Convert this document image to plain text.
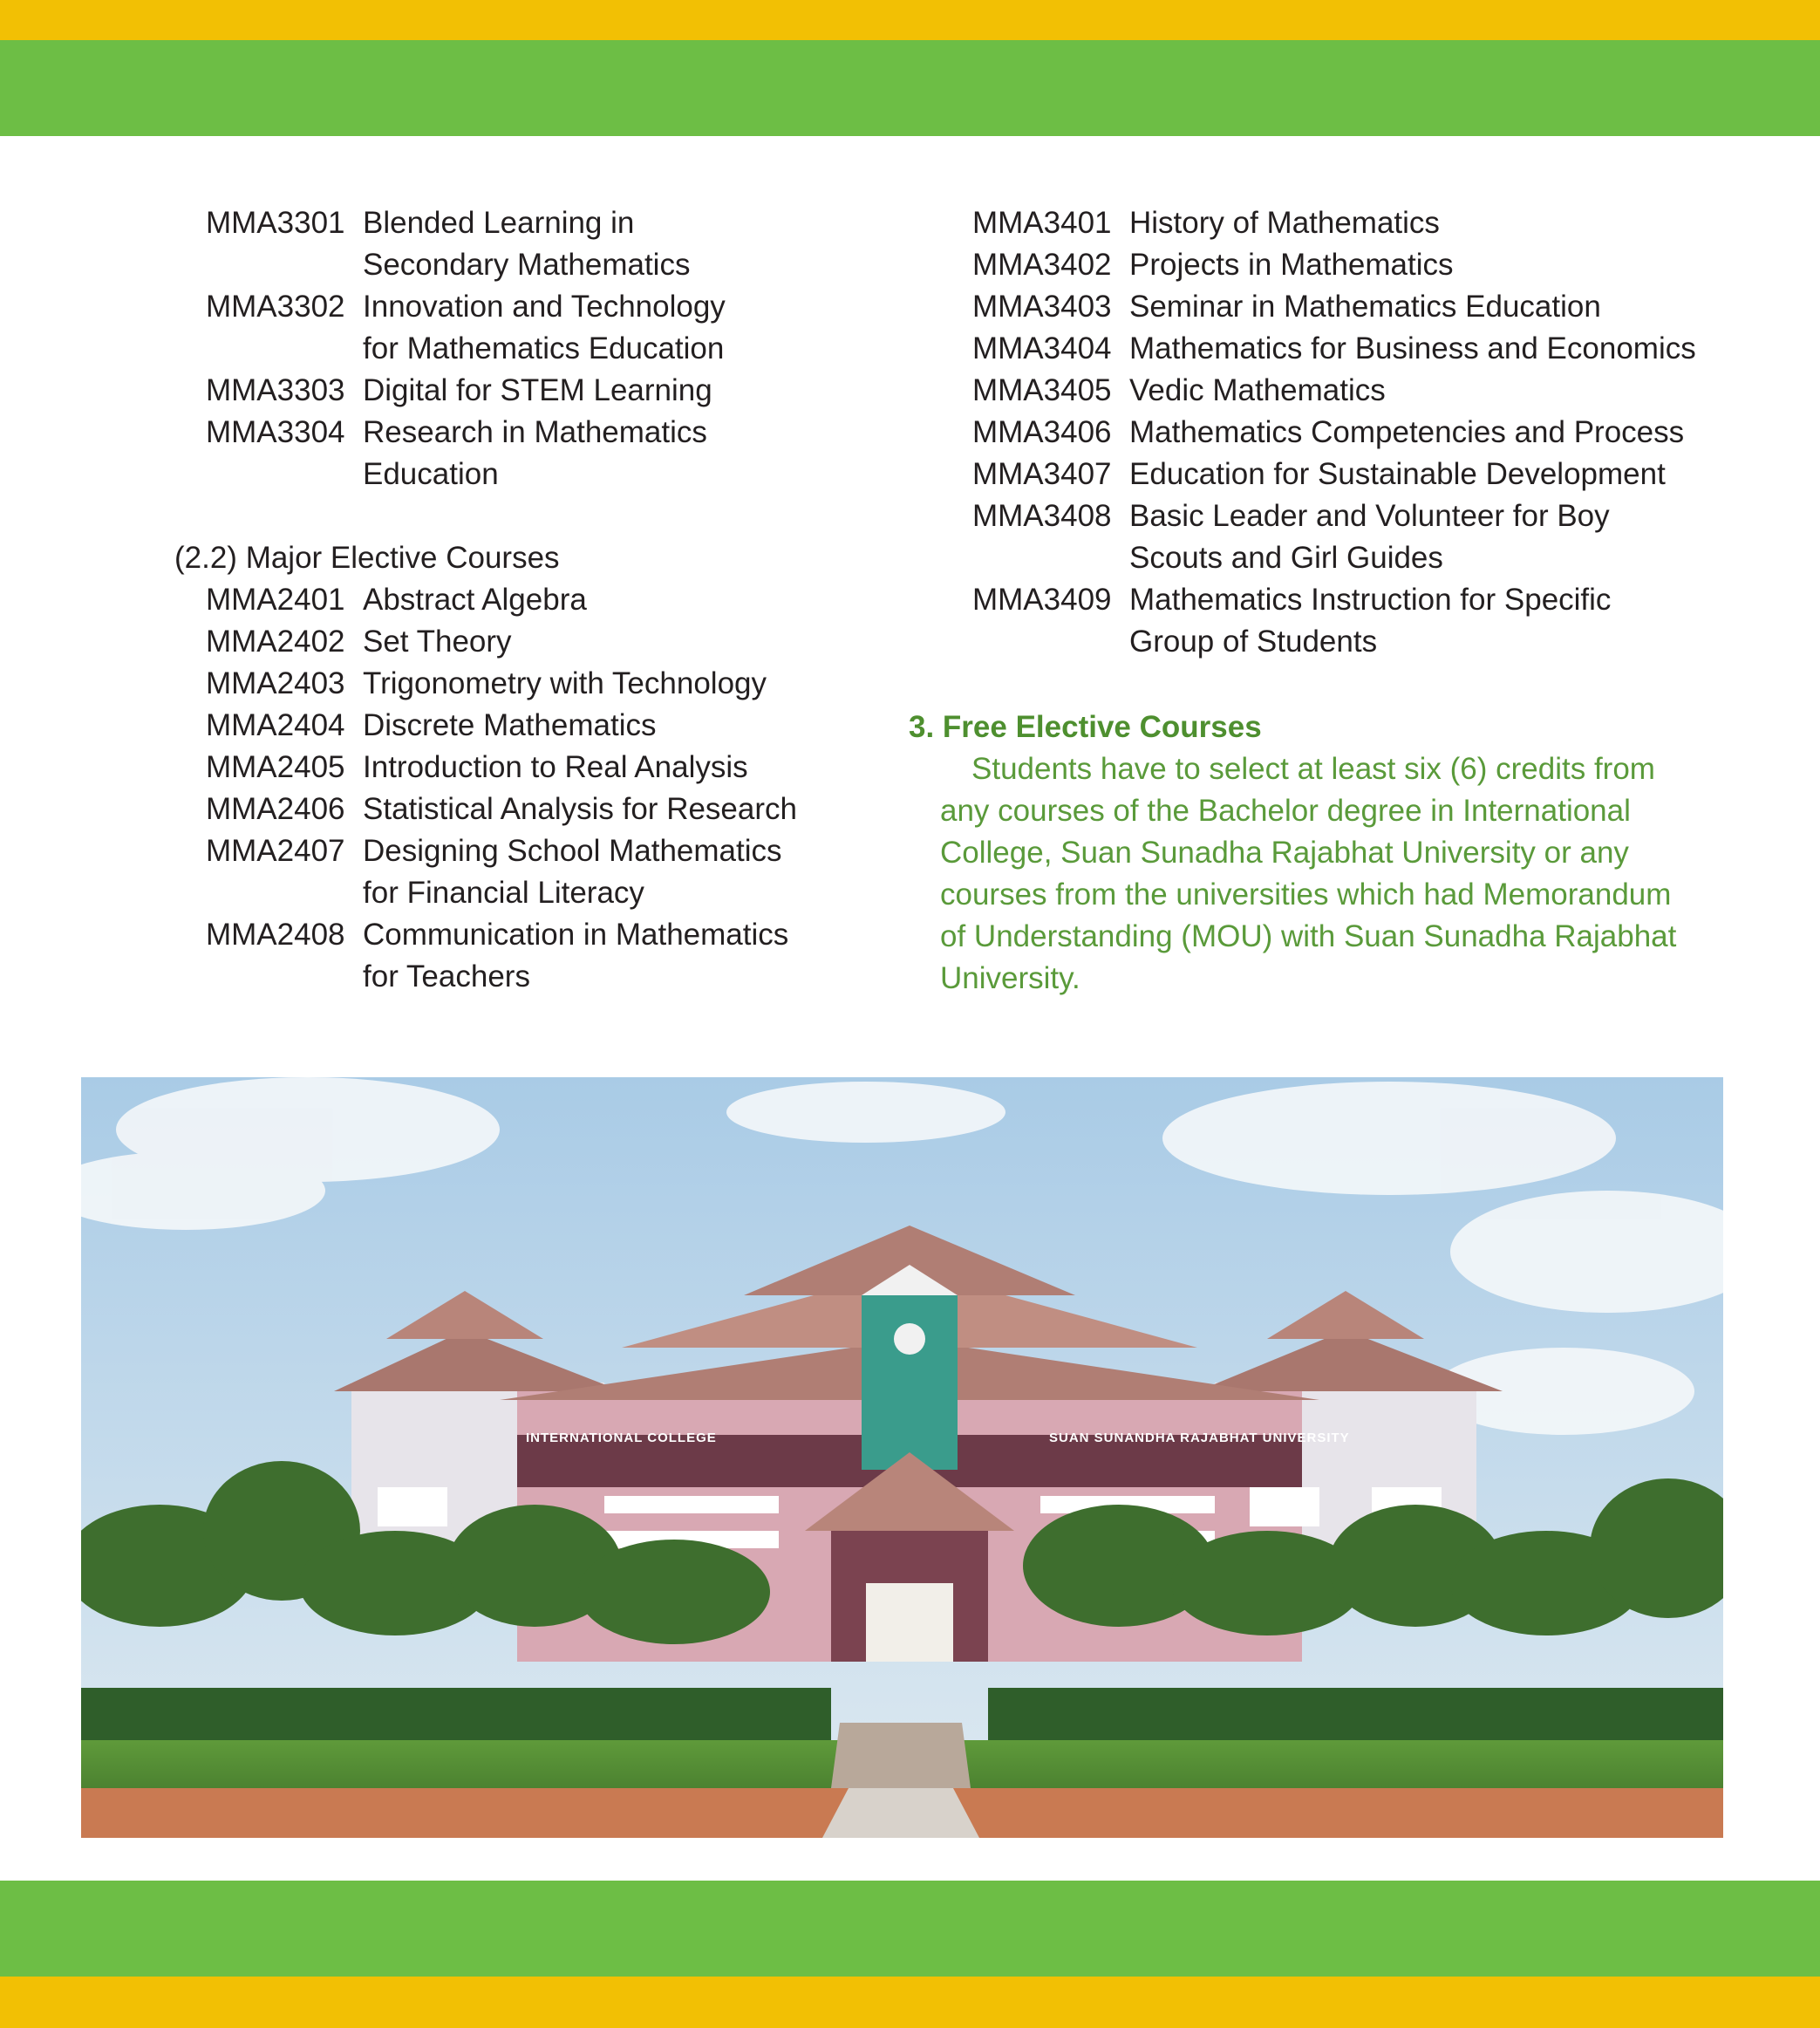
MMA3301 Blended Learning in Secondary Mathematics
MMA3302 Innovation and Technology for Mathematics Education
MMA3303 Digital for STEM Learning
MMA3304 Research in Mathematics Education
(2.2) Major Elective Courses
MMA2401 Abstract Algebra
MMA2402 Set Theory
MMA2403 Trigonometry with Technology
MMA2404 Discrete Mathematics
MMA2405 Introduction to Real Analysis
MMA2406 Statistical Analysis for Research
MMA2407 Designing School Mathematics for Financial Literacy
MMA2408 Communication in Mathematics for Teachers
MMA3401 History of Mathematics
MMA3402 Projects in Mathematics
MMA3403 Seminar in Mathematics Education
MMA3404 Mathematics for Business and Economics
MMA3405 Vedic Mathematics
MMA3406 Mathematics Competencies and Process
MMA3407 Education for Sustainable Development
MMA3408 Basic Leader and Volunteer for Boy Scouts and Girl Guides
MMA3409 Mathematics Instruction for Specific Group of Students
3. Free Elective Courses
Students have to select at least six (6) credits from any courses of the Bachelor degree in International College, Suan Sunadha Rajabhat University or any courses from the universities which had Memorandum of Understanding (MOU) with Suan Sunadha Rajabhat University.
INTERNATIONAL COLLEGE	SUAN SUNANDHA RAJABHAT UNIVERSITY
